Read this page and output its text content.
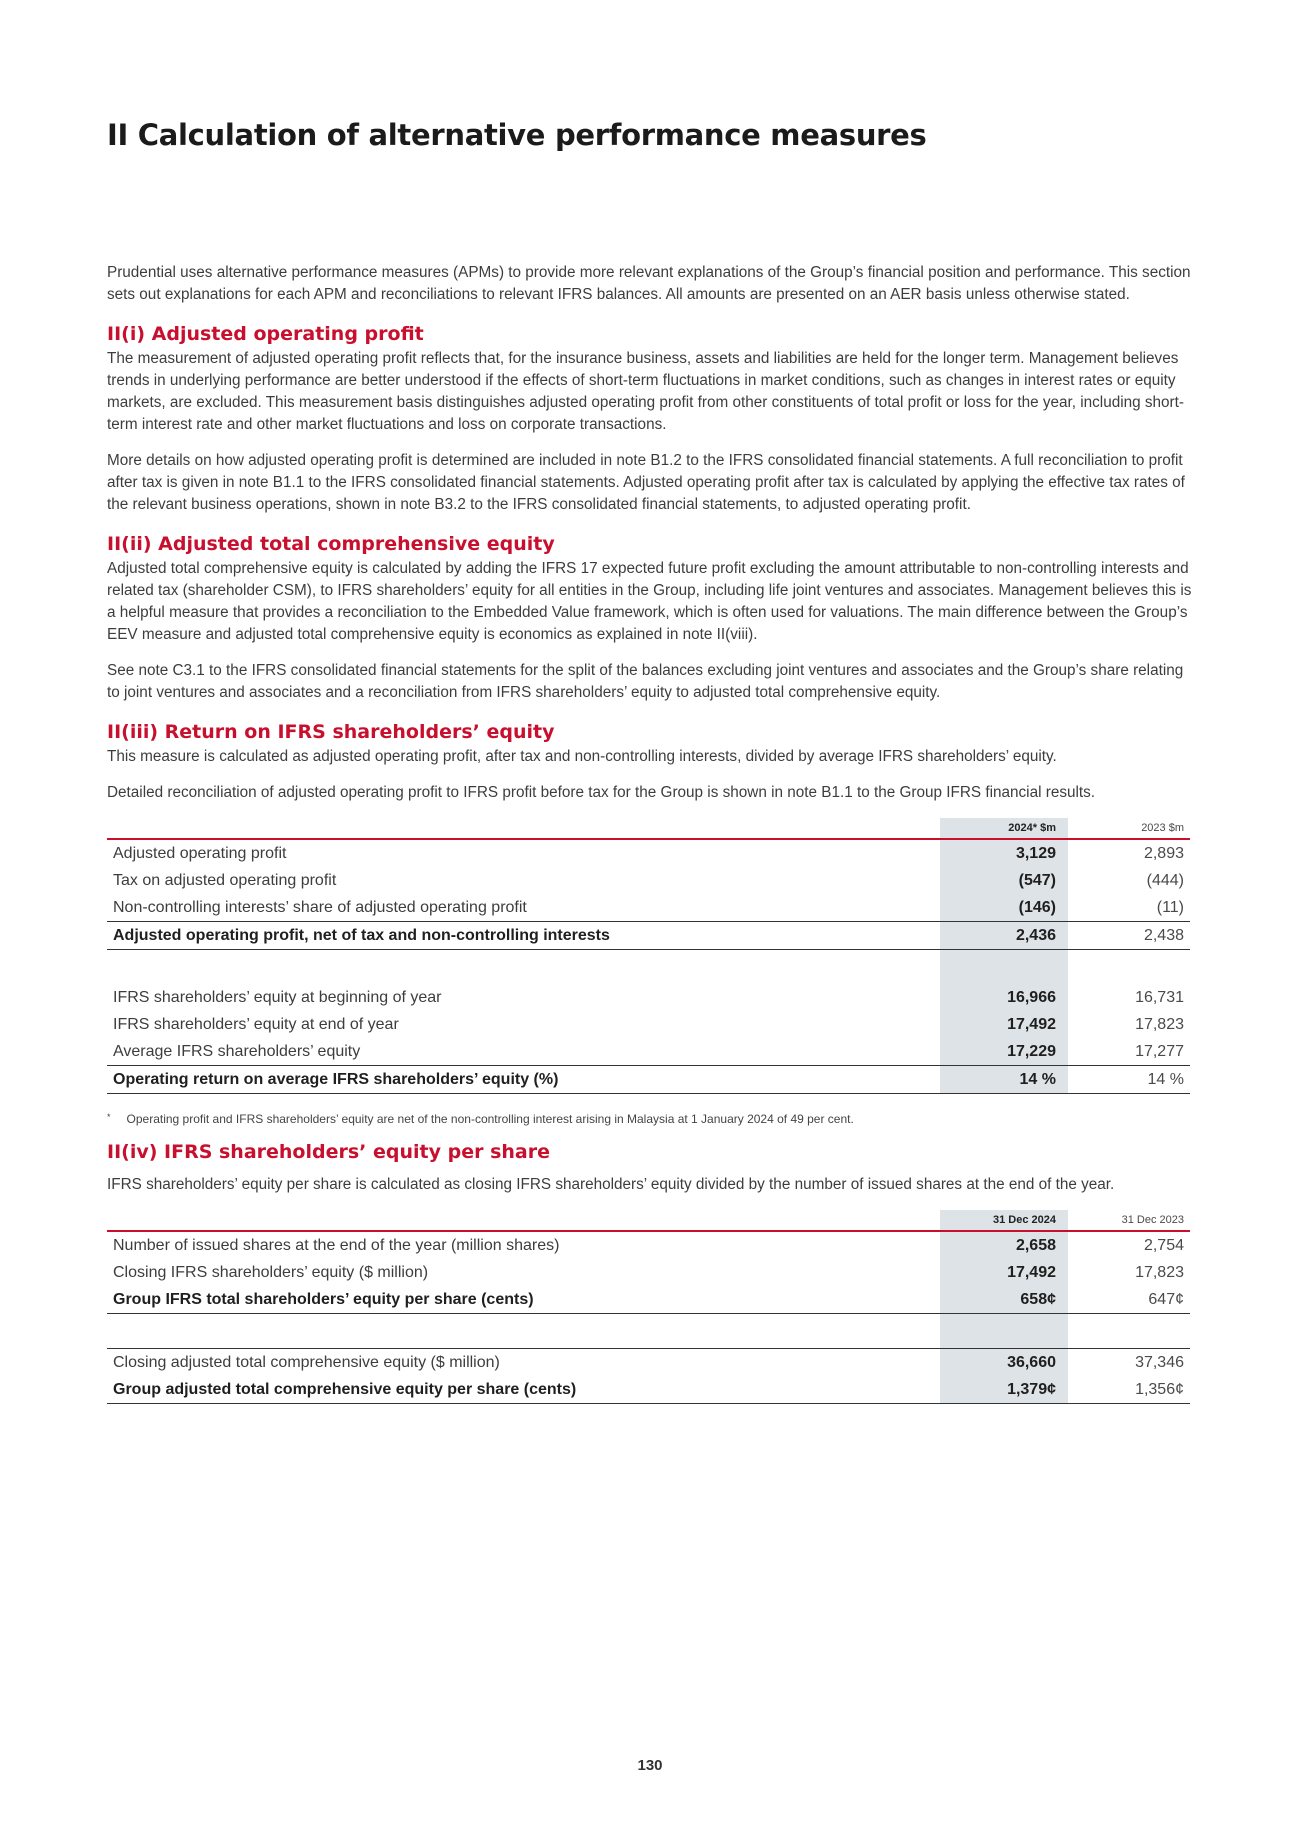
II Calculation of alternative performance measures

Prudential uses alternative performance measures (APMs) to provide more relevant explanations of the Group’s financial position and performance. This section sets out explanations for each APM and reconciliations to relevant IFRS balances. All amounts are presented on an AER basis unless otherwise stated.

II(i) Adjusted operating profit

The measurement of adjusted operating profit reflects that, for the insurance business, assets and liabilities are held for the longer term. Management believes trends in underlying performance are better understood if the effects of short-term fluctuations in market conditions, such as changes in interest rates or equity markets, are excluded. This measurement basis distinguishes adjusted operating profit from other constituents of total profit or loss for the year, including short-term interest rate and other market fluctuations and loss on corporate transactions.

More details on how adjusted operating profit is determined are included in note B1.2 to the IFRS consolidated financial statements. A full reconciliation to profit after tax is given in note B1.1 to the IFRS consolidated financial statements. Adjusted operating profit after tax is calculated by applying the effective tax rates of the relevant business operations, shown in note B3.2 to the IFRS consolidated financial statements, to adjusted operating profit.

II(ii) Adjusted total comprehensive equity

Adjusted total comprehensive equity is calculated by adding the IFRS 17 expected future profit excluding the amount attributable to non-controlling interests and related tax (shareholder CSM), to IFRS shareholders’ equity for all entities in the Group, including life joint ventures and associates. Management believes this is a helpful measure that provides a reconciliation to the Embedded Value framework, which is often used for valuations. The main difference between the Group’s EEV measure and adjusted total comprehensive equity is economics as explained in note II(viii).

See note C3.1 to the IFRS consolidated financial statements for the split of the balances excluding joint ventures and associates and the Group’s share relating to joint ventures and associates and a reconciliation from IFRS shareholders’ equity to adjusted total comprehensive equity.

II(iii) Return on IFRS shareholders’ equity

This measure is calculated as adjusted operating profit, after tax and non-controlling interests, divided by average IFRS shareholders’ equity.

Detailed reconciliation of adjusted operating profit to IFRS profit before tax for the Group is shown in note B1.1 to the Group IFRS financial results.

	2024* $m	2023 $m
Adjusted operating profit	3,129	2,893
Tax on adjusted operating profit	(547)	(444)
Non-controlling interests’ share of adjusted operating profit	(146)	(11)
Adjusted operating profit, net of tax and non-controlling interests	2,436	2,438

IFRS shareholders’ equity at beginning of year	16,966	16,731
IFRS shareholders’ equity at end of year	17,492	17,823
Average IFRS shareholders’ equity	17,229	17,277
Operating return on average IFRS shareholders’ equity (%)	14 %	14 %
* Operating profit and IFRS shareholders’ equity are net of the non-controlling interest arising in Malaysia at 1 January 2024 of 49 per cent.
II(iv) IFRS shareholders’ equity per share

IFRS shareholders’ equity per share is calculated as closing IFRS shareholders’ equity divided by the number of issued shares at the end of the year.

	31 Dec 2024	31 Dec 2023
Number of issued shares at the end of the year (million shares)	2,658	2,754
Closing IFRS shareholders’ equity ($ million)	17,492	17,823
Group IFRS total shareholders’ equity per share (cents)	658¢	647¢

Closing adjusted total comprehensive equity ($ million)	36,660	37,346
Group adjusted total comprehensive equity per share (cents)	1,379¢	1,356¢
130
